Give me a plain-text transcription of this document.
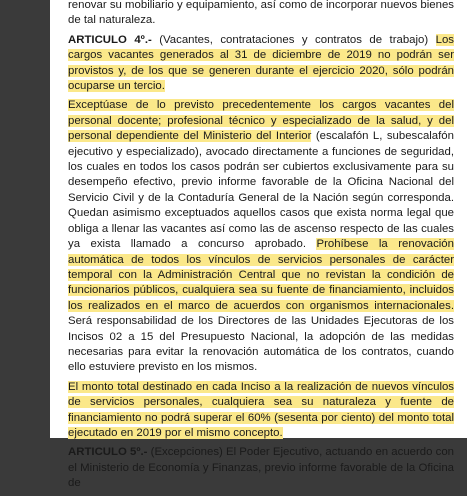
renovar su mobiliario y equipamiento, así como de incorporar nuevos bienes de tal naturaleza.

ARTICULO 4º.- (Vacantes, contrataciones y contratos de trabajo) Los cargos vacantes generados al 31 de diciembre de 2019 no podrán ser provistos y, de los que se generen durante el ejercicio 2020, sólo podrán ocuparse un tercio.

Exceptúase de lo previsto precedentemente los cargos vacantes del personal docente; profesional técnico y especializado de la salud, y del personal dependiente del Ministerio del Interior (escalafón L, subescalafón ejecutivo y especializado), avocado directamente a funciones de seguridad, los cuales en todos los casos podrán ser cubiertos exclusivamente para su desempeño efectivo, previo informe favorable de la Oficina Nacional del Servicio Civil y de la Contaduría General de la Nación según corresponda. Quedan asimismo exceptuados aquellos casos que exista norma legal que obliga a llenar las vacantes así como las de ascenso respecto de las cuales ya exista llamado a concurso aprobado. Prohíbese la renovación automática de todos los vínculos de servicios personales de carácter temporal con la Administración Central que no revistan la condición de funcionarios públicos, cualquiera sea su fuente de financiamiento, incluidos los realizados en el marco de acuerdos con organismos internacionales. Será responsabilidad de los Directores de las Unidades Ejecutoras de los Incisos 02 a 15 del Presupuesto Nacional, la adopción de las medidas necesarias para evitar la renovación automática de los contratos, cuando ello estuviere previsto en los mismos.

El monto total destinado en cada Inciso a la realización de nuevos vínculos de servicios personales, cualquiera sea su naturaleza y fuente de financiamiento no podrá superar el 60% (sesenta por ciento) del monto total ejecutado en 2019 por el mismo concepto.

ARTICULO 5º.- (Excepciones) El Poder Ejecutivo, actuando en acuerdo con el Ministerio de Economía y Finanzas, previo informe favorable de la Oficina de
